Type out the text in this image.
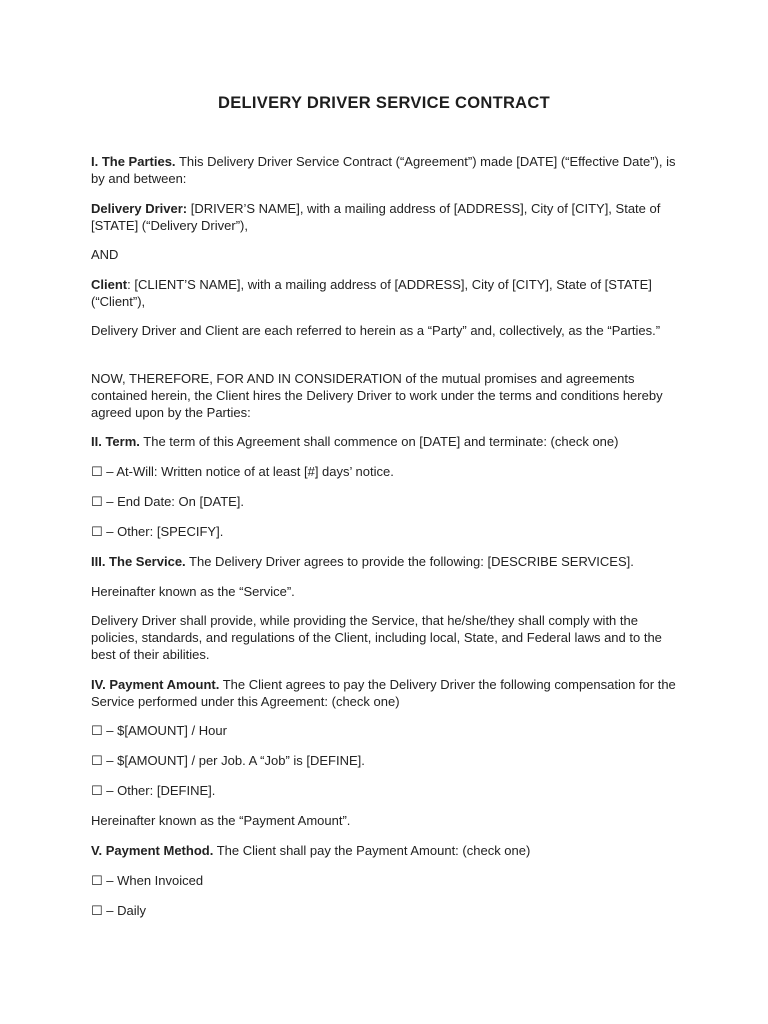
DELIVERY DRIVER SERVICE CONTRACT
I. The Parties. This Delivery Driver Service Contract (“Agreement”) made [DATE] (“Effective Date”), is by and between:
Delivery Driver: [DRIVER’S NAME], with a mailing address of [ADDRESS], City of [CITY], State of [STATE] (“Delivery Driver”),
AND
Client: [CLIENT’S NAME], with a mailing address of [ADDRESS], City of [CITY], State of [STATE] (“Client”),
Delivery Driver and Client are each referred to herein as a “Party” and, collectively, as the “Parties.”
NOW, THEREFORE, FOR AND IN CONSIDERATION of the mutual promises and agreements contained herein, the Client hires the Delivery Driver to work under the terms and conditions hereby agreed upon by the Parties:
II. Term. The term of this Agreement shall commence on [DATE] and terminate: (check one)
☐ – At-Will: Written notice of at least [#] days’ notice.
☐ – End Date: On [DATE].
☐ – Other: [SPECIFY].
III. The Service. The Delivery Driver agrees to provide the following: [DESCRIBE SERVICES].
Hereinafter known as the “Service”.
Delivery Driver shall provide, while providing the Service, that he/she/they shall comply with the policies, standards, and regulations of the Client, including local, State, and Federal laws and to the best of their abilities.
IV. Payment Amount. The Client agrees to pay the Delivery Driver the following compensation for the Service performed under this Agreement: (check one)
☐ – $[AMOUNT] / Hour
☐ – $[AMOUNT] / per Job. A “Job” is [DEFINE].
☐ – Other: [DEFINE].
Hereinafter known as the “Payment Amount”.
V. Payment Method. The Client shall pay the Payment Amount: (check one)
☐ – When Invoiced
☐ – Daily
